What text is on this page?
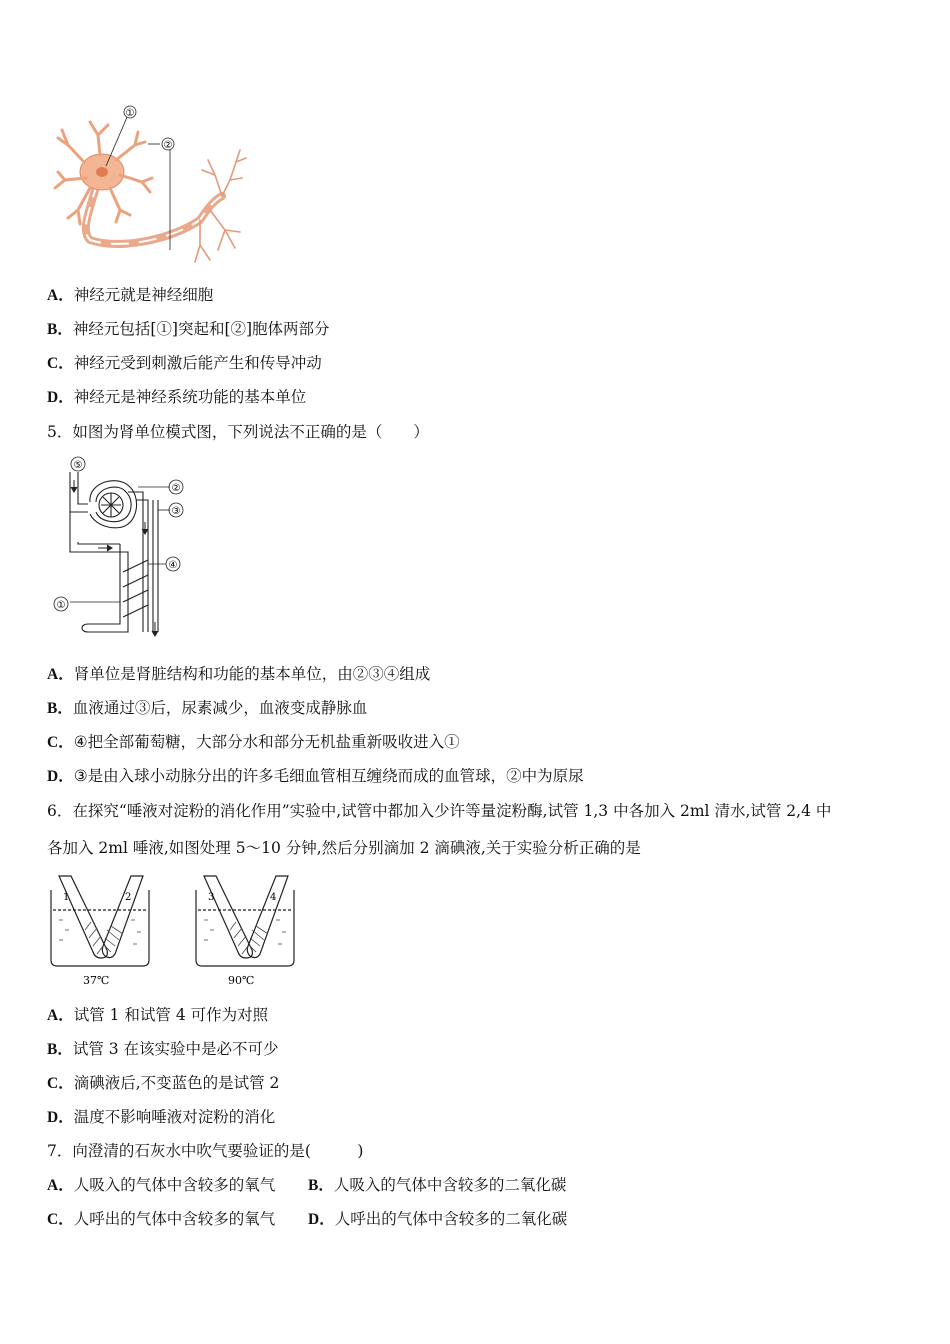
①
②
A．神经元就是神经细胞
B．神经元包括[①]突起和[②]胞体两部分
C．神经元受到刺激后能产生和传导冲动
D．神经元是神经系统功能的基本单位
5．如图为肾单位模式图，下列说法不正确的是（　　）
⑤
②
③
④
①
A．肾单位是肾脏结构和功能的基本单位，由②③④组成
B．血液通过③后，尿素减少，血液变成静脉血
C．④把全部葡萄糖，大部分水和部分无机盐重新吸收进入①
D．③是由入球小动脉分出的许多毛细血管相互缠绕而成的血管球，②中为原尿
6．在探究“唾液对淀粉的消化作用”实验中,试管中都加入少许等量淀粉酶,试管 1,3 中各加入 2ml 清水,试管 2,4 中
各加入 2ml 唾液,如图处理 5～10 分钟,然后分别滴加 2 滴碘液,关于实验分析正确的是
1	2
37℃
3	4
90℃
A．试管 1 和试管 4 可作为对照
B．试管 3 在该实验中是必不可少
C．滴碘液后,不变蓝色的是试管 2
D．温度不影响唾液对淀粉的消化
7．向澄清的石灰水中吹气要验证的是(　　　)
A．人吸入的气体中含较多的氧气 B．人吸入的气体中含较多的二氧化碳
C．人呼出的气体中含较多的氧气 D．人呼出的气体中含较多的二氧化碳
